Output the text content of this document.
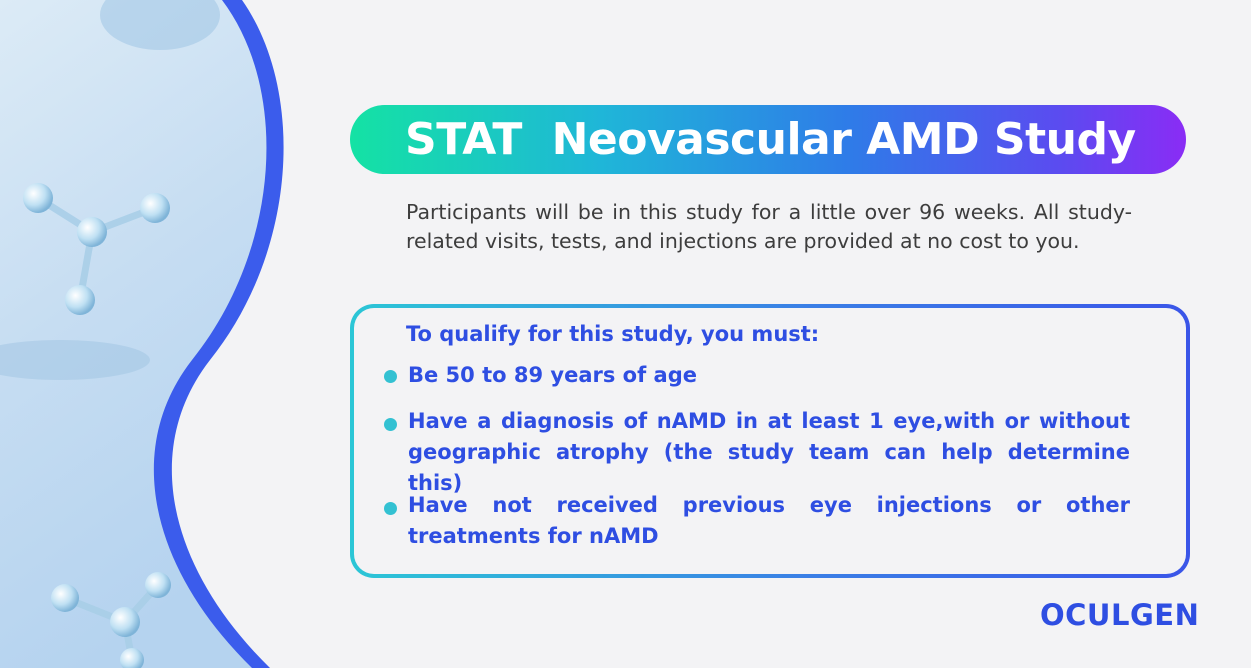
STAT  Neovascular AMD Study
Participants will be in this study for a little over 96 weeks. All study-related visits, tests, and injections are provided at no cost to you.
To qualify for this study, you must:
Be 50 to 89 years of age
Have a diagnosis of nAMD in at least 1 eye,with or without geographic atrophy (the study team can help determine this)
Have not received previous eye injections or other treatments for nAMD
OCULGEN
